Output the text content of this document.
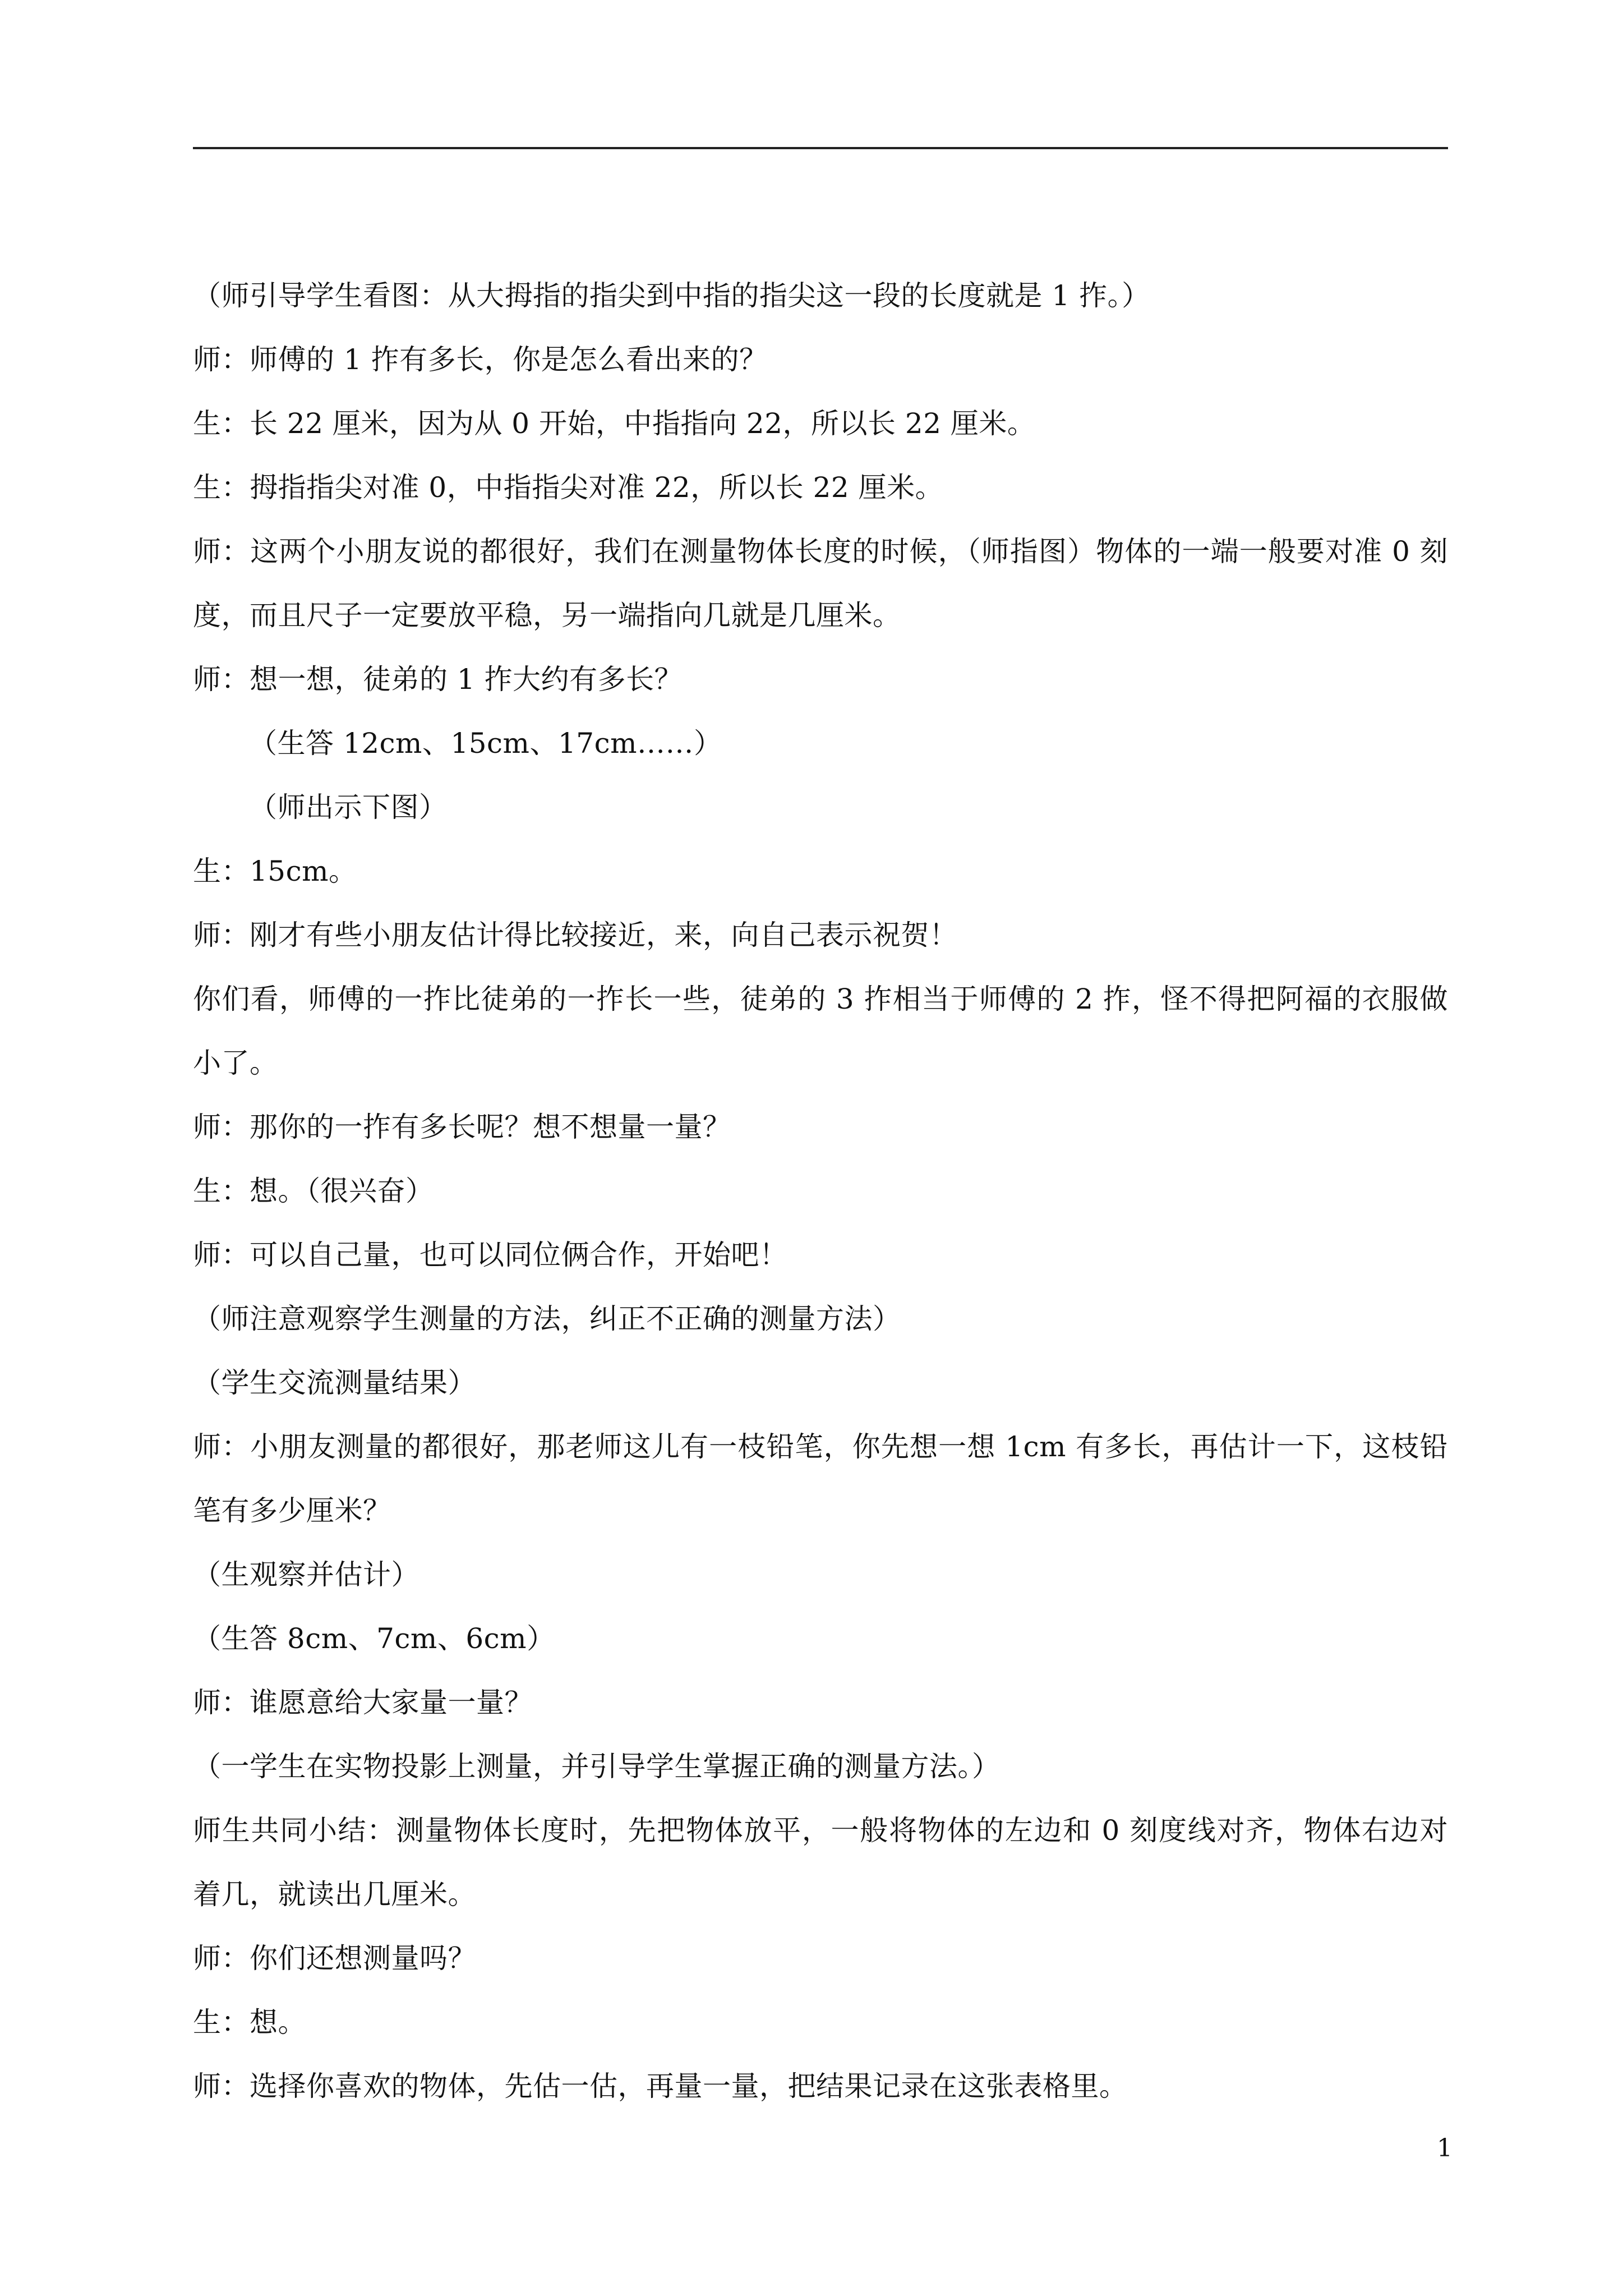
（师引导学生看图：从大拇指的指尖到中指的指尖这一段的长度就是 1 拃。）
师：师傅的 1 拃有多长，你是怎么看出来的？
生：长 22 厘米，因为从 0 开始，中指指向 22，所以长 22 厘米。
生：拇指指尖对准 0，中指指尖对准 22，所以长 22 厘米。
师：这两个小朋友说的都很好，我们在测量物体长度的时候，（师指图）物体的一端一般要对准 0 刻
度，而且尺子一定要放平稳，另一端指向几就是几厘米。
师：想一想，徒弟的 1 拃大约有多长？
（生答 12cm、15cm、17cm……）
（师出示下图）
生：15cm。
师：刚才有些小朋友估计得比较接近，来，向自己表示祝贺！
你们看，师傅的一拃比徒弟的一拃长一些，徒弟的 3 拃相当于师傅的 2 拃，怪不得把阿福的衣服做
小了。
师：那你的一拃有多长呢？想不想量一量？
生：想。（很兴奋）
师：可以自己量，也可以同位俩合作，开始吧！
（师注意观察学生测量的方法，纠正不正确的测量方法）
（学生交流测量结果）
师：小朋友测量的都很好，那老师这儿有一枝铅笔，你先想一想 1cm 有多长，再估计一下，这枝铅
笔有多少厘米？
（生观察并估计）
（生答 8cm、7cm、6cm）
师：谁愿意给大家量一量？
（一学生在实物投影上测量，并引导学生掌握正确的测量方法。）
师生共同小结：测量物体长度时，先把物体放平，一般将物体的左边和 0 刻度线对齐，物体右边对
着几，就读出几厘米。
师：你们还想测量吗？
生：想。
师：选择你喜欢的物体，先估一估，再量一量，把结果记录在这张表格里。
1
